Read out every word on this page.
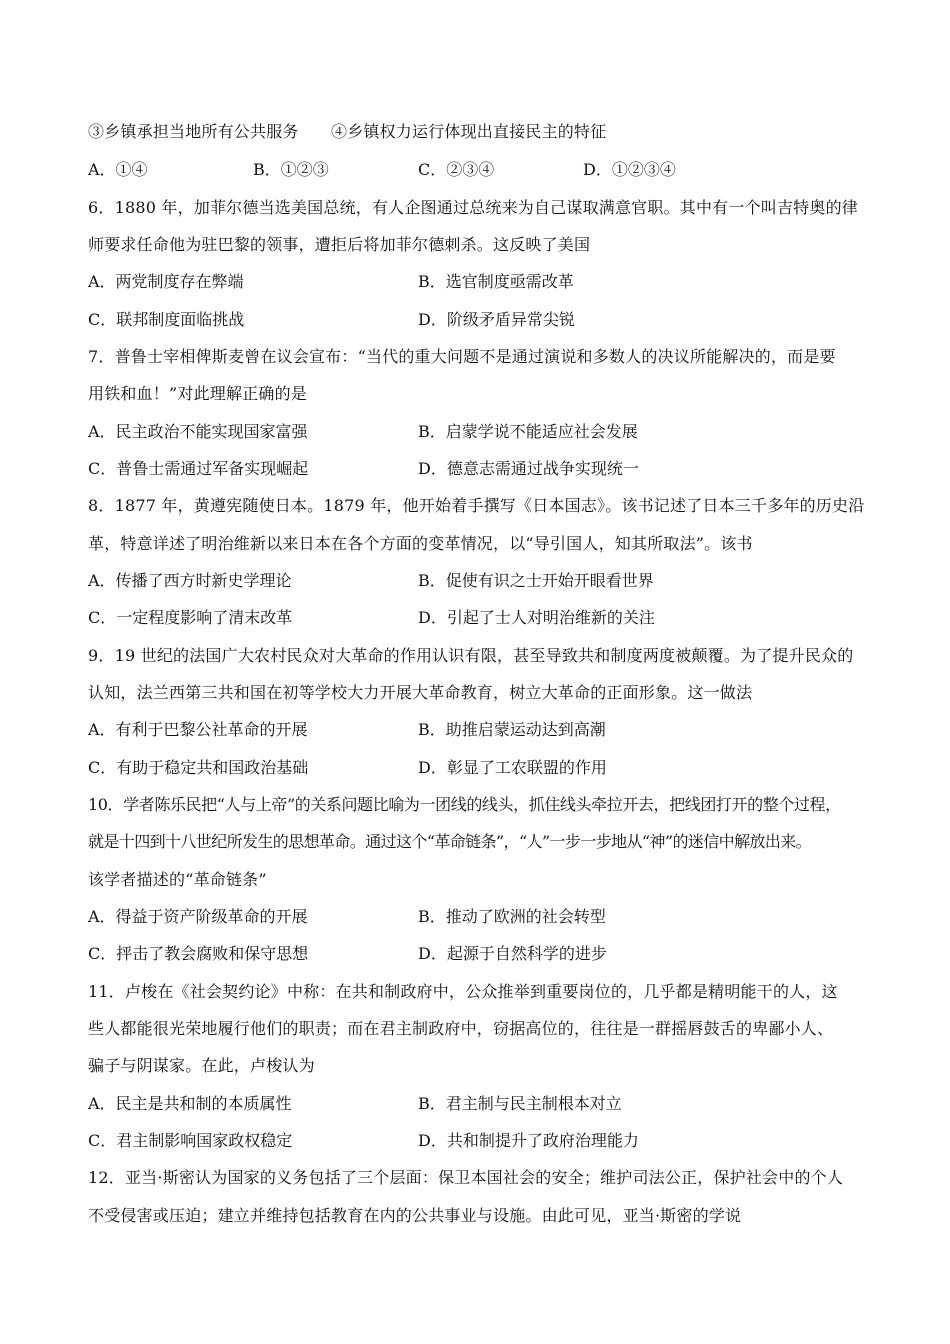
③乡镇承担当地所有公共服务　　④乡镇权力运行体现出直接民主的特征
A．①④	B．①②③	C．②③④	D．①②③④
6．1880 年，加菲尔德当选美国总统，有人企图通过总统来为自己谋取满意官职。其中有一个叫吉特奥的律
师要求任命他为驻巴黎的领事，遭拒后将加菲尔德刺杀。这反映了美国
A．两党制度存在弊端	B．选官制度亟需改革
C．联邦制度面临挑战	D．阶级矛盾异常尖锐
7．普鲁士宰相俾斯麦曾在议会宣布：“当代的重大问题不是通过演说和多数人的决议所能解决的，而是要
用铁和血！”对此理解正确的是
A．民主政治不能实现国家富强	B．启蒙学说不能适应社会发展
C．普鲁士需通过军备实现崛起	D．德意志需通过战争实现统一
8．1877 年，黄遵宪随使日本。1879 年，他开始着手撰写《日本国志》。该书记述了日本三千多年的历史沿
革，特意详述了明治维新以来日本在各个方面的变革情况，以“导引国人，知其所取法”。该书
A．传播了西方时新史学理论	B．促使有识之士开始开眼看世界
C．一定程度影响了清末改革	D．引起了士人对明治维新的关注
9．19 世纪的法国广大农村民众对大革命的作用认识有限，甚至导致共和制度两度被颠覆。为了提升民众的
认知，法兰西第三共和国在初等学校大力开展大革命教育，树立大革命的正面形象。这一做法
A．有利于巴黎公社革命的开展	B．助推启蒙运动达到高潮
C．有助于稳定共和国政治基础	D．彰显了工农联盟的作用
10．学者陈乐民把“人与上帝”的关系问题比喻为一团线的线头，抓住线头牵拉开去，把线团打开的整个过程，
就是十四到十八世纪所发生的思想革命。通过这个“革命链条”，“人”一步一步地从“神”的迷信中解放出来。
该学者描述的“革命链条”
A．得益于资产阶级革命的开展	B．推动了欧洲的社会转型
C．抨击了教会腐败和保守思想	D．起源于自然科学的进步
11．卢梭在《社会契约论》中称：在共和制政府中，公众推举到重要岗位的，几乎都是精明能干的人，这
些人都能很光荣地履行他们的职责；而在君主制政府中，窃据高位的，往往是一群摇唇鼓舌的卑鄙小人、
骗子与阴谋家。在此，卢梭认为
A．民主是共和制的本质属性	B．君主制与民主制根本对立
C．君主制影响国家政权稳定	D．共和制提升了政府治理能力
12．亚当·斯密认为国家的义务包括了三个层面：保卫本国社会的安全；维护司法公正，保护社会中的个人
不受侵害或压迫；建立并维持包括教育在内的公共事业与设施。由此可见，亚当·斯密的学说
